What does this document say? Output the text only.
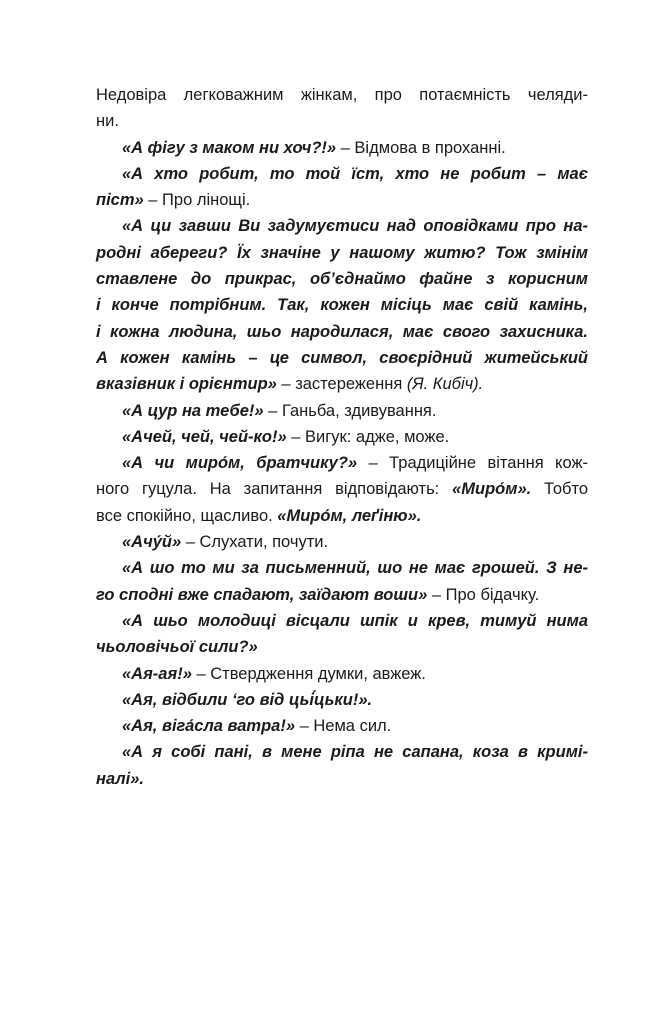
Недовіра легковажним жінкам, про потаємність челяди-
ни.
«А фігу з маком ни хоч?!» – Відмова в проханні.
«А хто робит, то той їст, хто не робит – має
піст» – Про лінощі.
«А ци завши Ви задумуєтиси над оповідками про на-
родні абереги? Їх значіне у нашому житю? Тож змінім
ставлене до прикрас, об’єднаймо файне з корисним
і конче потрібним. Так, кожен місіць має свій камінь,
і кожна людина, шьо народилася, має свого захисника.
А кожен камінь – це символ, своєрідний житейський
вказівник і орієнтир» – застереження (Я. Кибіч).
«А цур на тебе!» – Ганьба, здивування.
«Ачей, чей, чей-ко!» – Вигук: адже, може.
«А чи миро́м, братчику?» – Традиційне вітання кож-
ного гуцула. На запитання відповідають: «Миро́м». Тобто
все спокійно, щасливо. «Миро́м, леґіню».
«Ачу́й» – Слухати, почути.
«А шо то ми за письменний, шо не має грошей. З не-
го сподні вже спадают, заїдают воши» – Про бідачку.
«А шьо молодиці вісцали шпік и крев, тимуй нима
чьоловічьої сили?»
«Ая-ая!» – Ствердження думки, авжеж.
«Ая, відбили ‘го від цьі́цьки!».
«Ая, віга́сла ватра!» – Нема сил.
«А я собі пані, в мене ріпа не сапана, коза в кримі-
налі».
